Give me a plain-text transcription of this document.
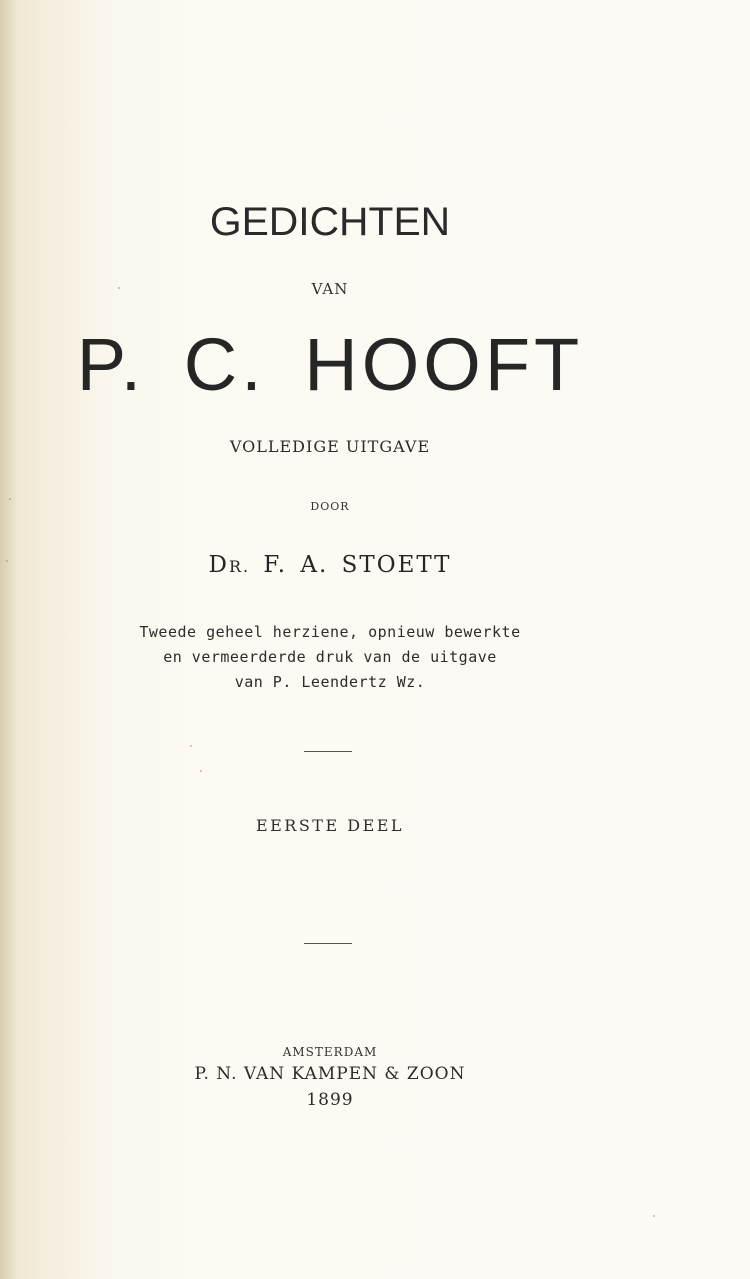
GEDICHTEN
VAN
P. C. HOOFT
VOLLEDIGE UITGAVE
DOOR
DR. F. A. STOETT
Tweede geheel herziene, opnieuw bewerkte
en vermeerderde druk van de uitgave
van P. Leendertz Wz.
EERSTE DEEL
AMSTERDAM
P. N. VAN KAMPEN & ZOON
1899
